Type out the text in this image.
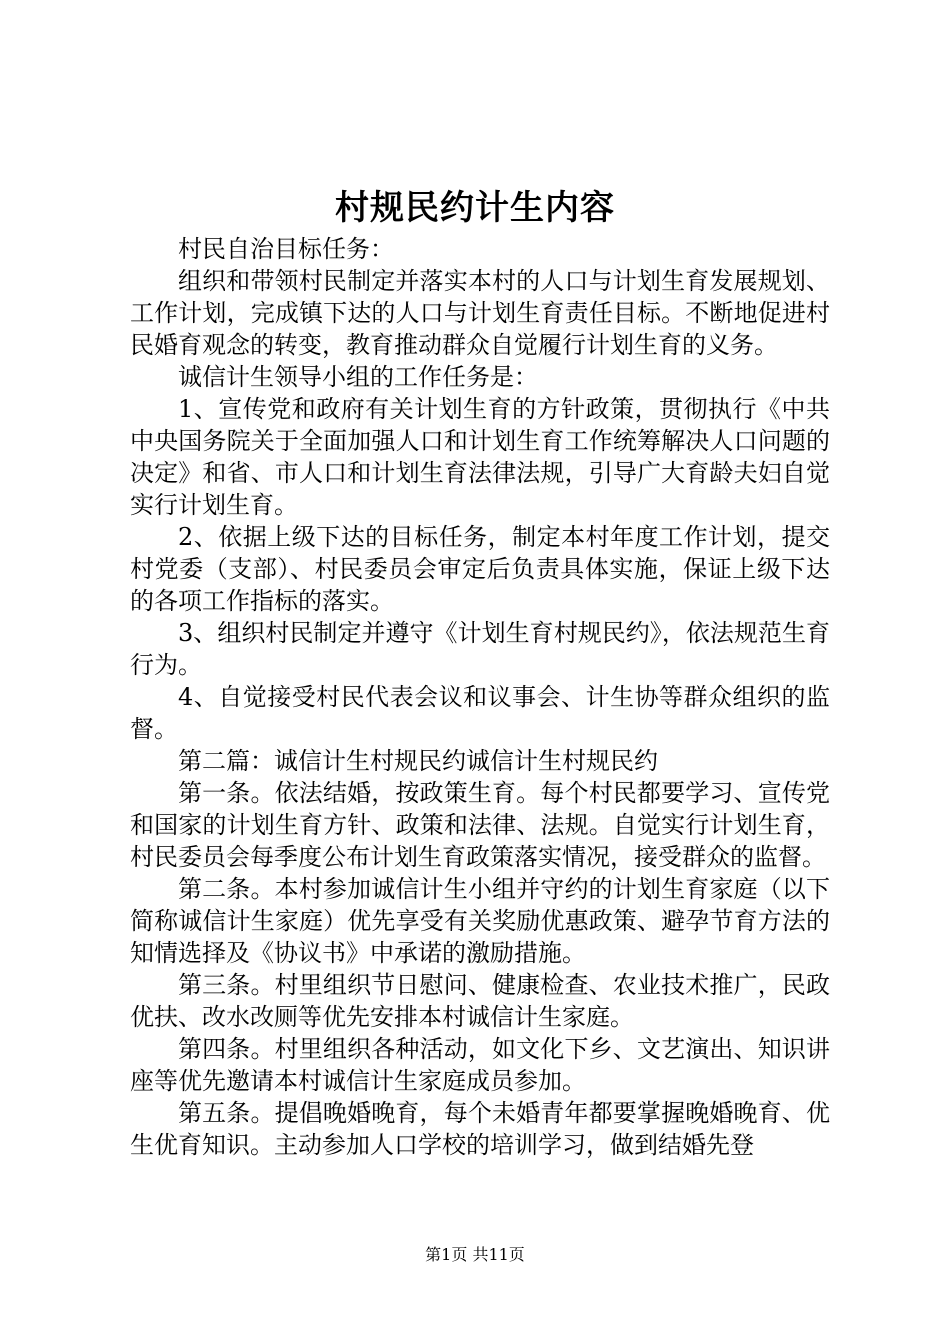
村规民约计生内容

村民自治目标任务：

组织和带领村民制定并落实本村的人口与计划生育发展规划、工作计划，完成镇下达的人口与计划生育责任目标。不断地促进村民婚育观念的转变，教育推动群众自觉履行计划生育的义务。

诚信计生领导小组的工作任务是：

1、宣传党和政府有关计划生育的方针政策，贯彻执行《中共中央国务院关于全面加强人口和计划生育工作统筹解决人口问题的决定》和省、市人口和计划生育法律法规，引导广大育龄夫妇自觉实行计划生育。

2、依据上级下达的目标任务，制定本村年度工作计划，提交村党委（支部）、村民委员会审定后负责具体实施，保证上级下达的各项工作指标的落实。

3、组织村民制定并遵守《计划生育村规民约》，依法规范生育行为。

4、自觉接受村民代表会议和议事会、计生协等群众组织的监督。

第二篇：诚信计生村规民约诚信计生村规民约

第一条。依法结婚，按政策生育。每个村民都要学习、宣传党和国家的计划生育方针、政策和法律、法规。自觉实行计划生育，村民委员会每季度公布计划生育政策落实情况，接受群众的监督。

第二条。本村参加诚信计生小组并守约的计划生育家庭（以下简称诚信计生家庭）优先享受有关奖励优惠政策、避孕节育方法的知情选择及《协议书》中承诺的激励措施。

第三条。村里组织节日慰问、健康检查、农业技术推广，民政优扶、改水改厕等优先安排本村诚信计生家庭。

第四条。村里组织各种活动，如文化下乡、文艺演出、知识讲座等优先邀请本村诚信计生家庭成员参加。

第五条。提倡晚婚晚育，每个未婚青年都要掌握晚婚晚育、优生优育知识。主动参加人口学校的培训学习，做到结婚先登

第1页 共11页
